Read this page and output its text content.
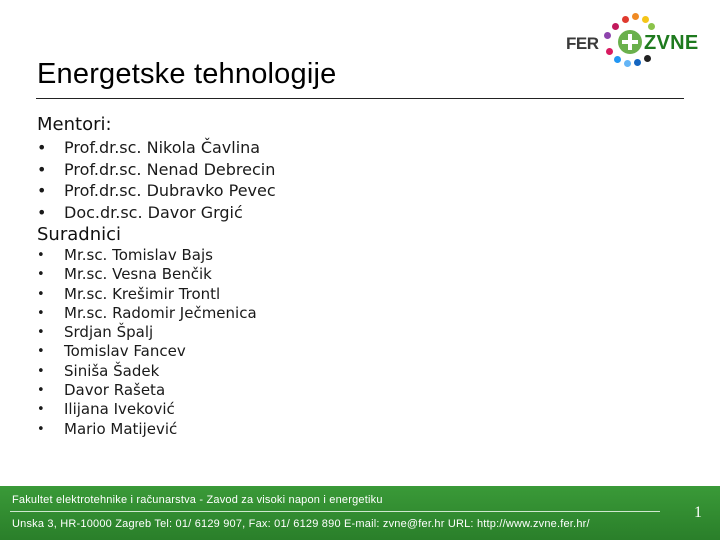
Energetske tehnologije
FER ZVNE
Mentori:
• Prof.dr.sc. Nikola Čavlina
• Prof.dr.sc. Nenad Debrecin
• Prof.dr.sc. Dubravko Pevec
• Doc.dr.sc. Davor Grgić
Suradnici
• Mr.sc. Tomislav Bajs
• Mr.sc. Vesna Benčik
• Mr.sc. Krešimir Trontl
• Mr.sc. Radomir Ječmenica
• Srdjan Špalj
• Tomislav Fancev
• Siniša Šadek
• Davor Rašeta
• Ilijana Iveković
• Mario Matijević
Fakultet elektrotehnike i računarstva - Zavod za visoki napon i energetiku
Unska 3, HR-10000 Zagreb Tel: 01/ 6129 907, Fax: 01/ 6129 890 E-mail: zvne@fer.hr URL: http://www.zvne.fer.hr/
1
